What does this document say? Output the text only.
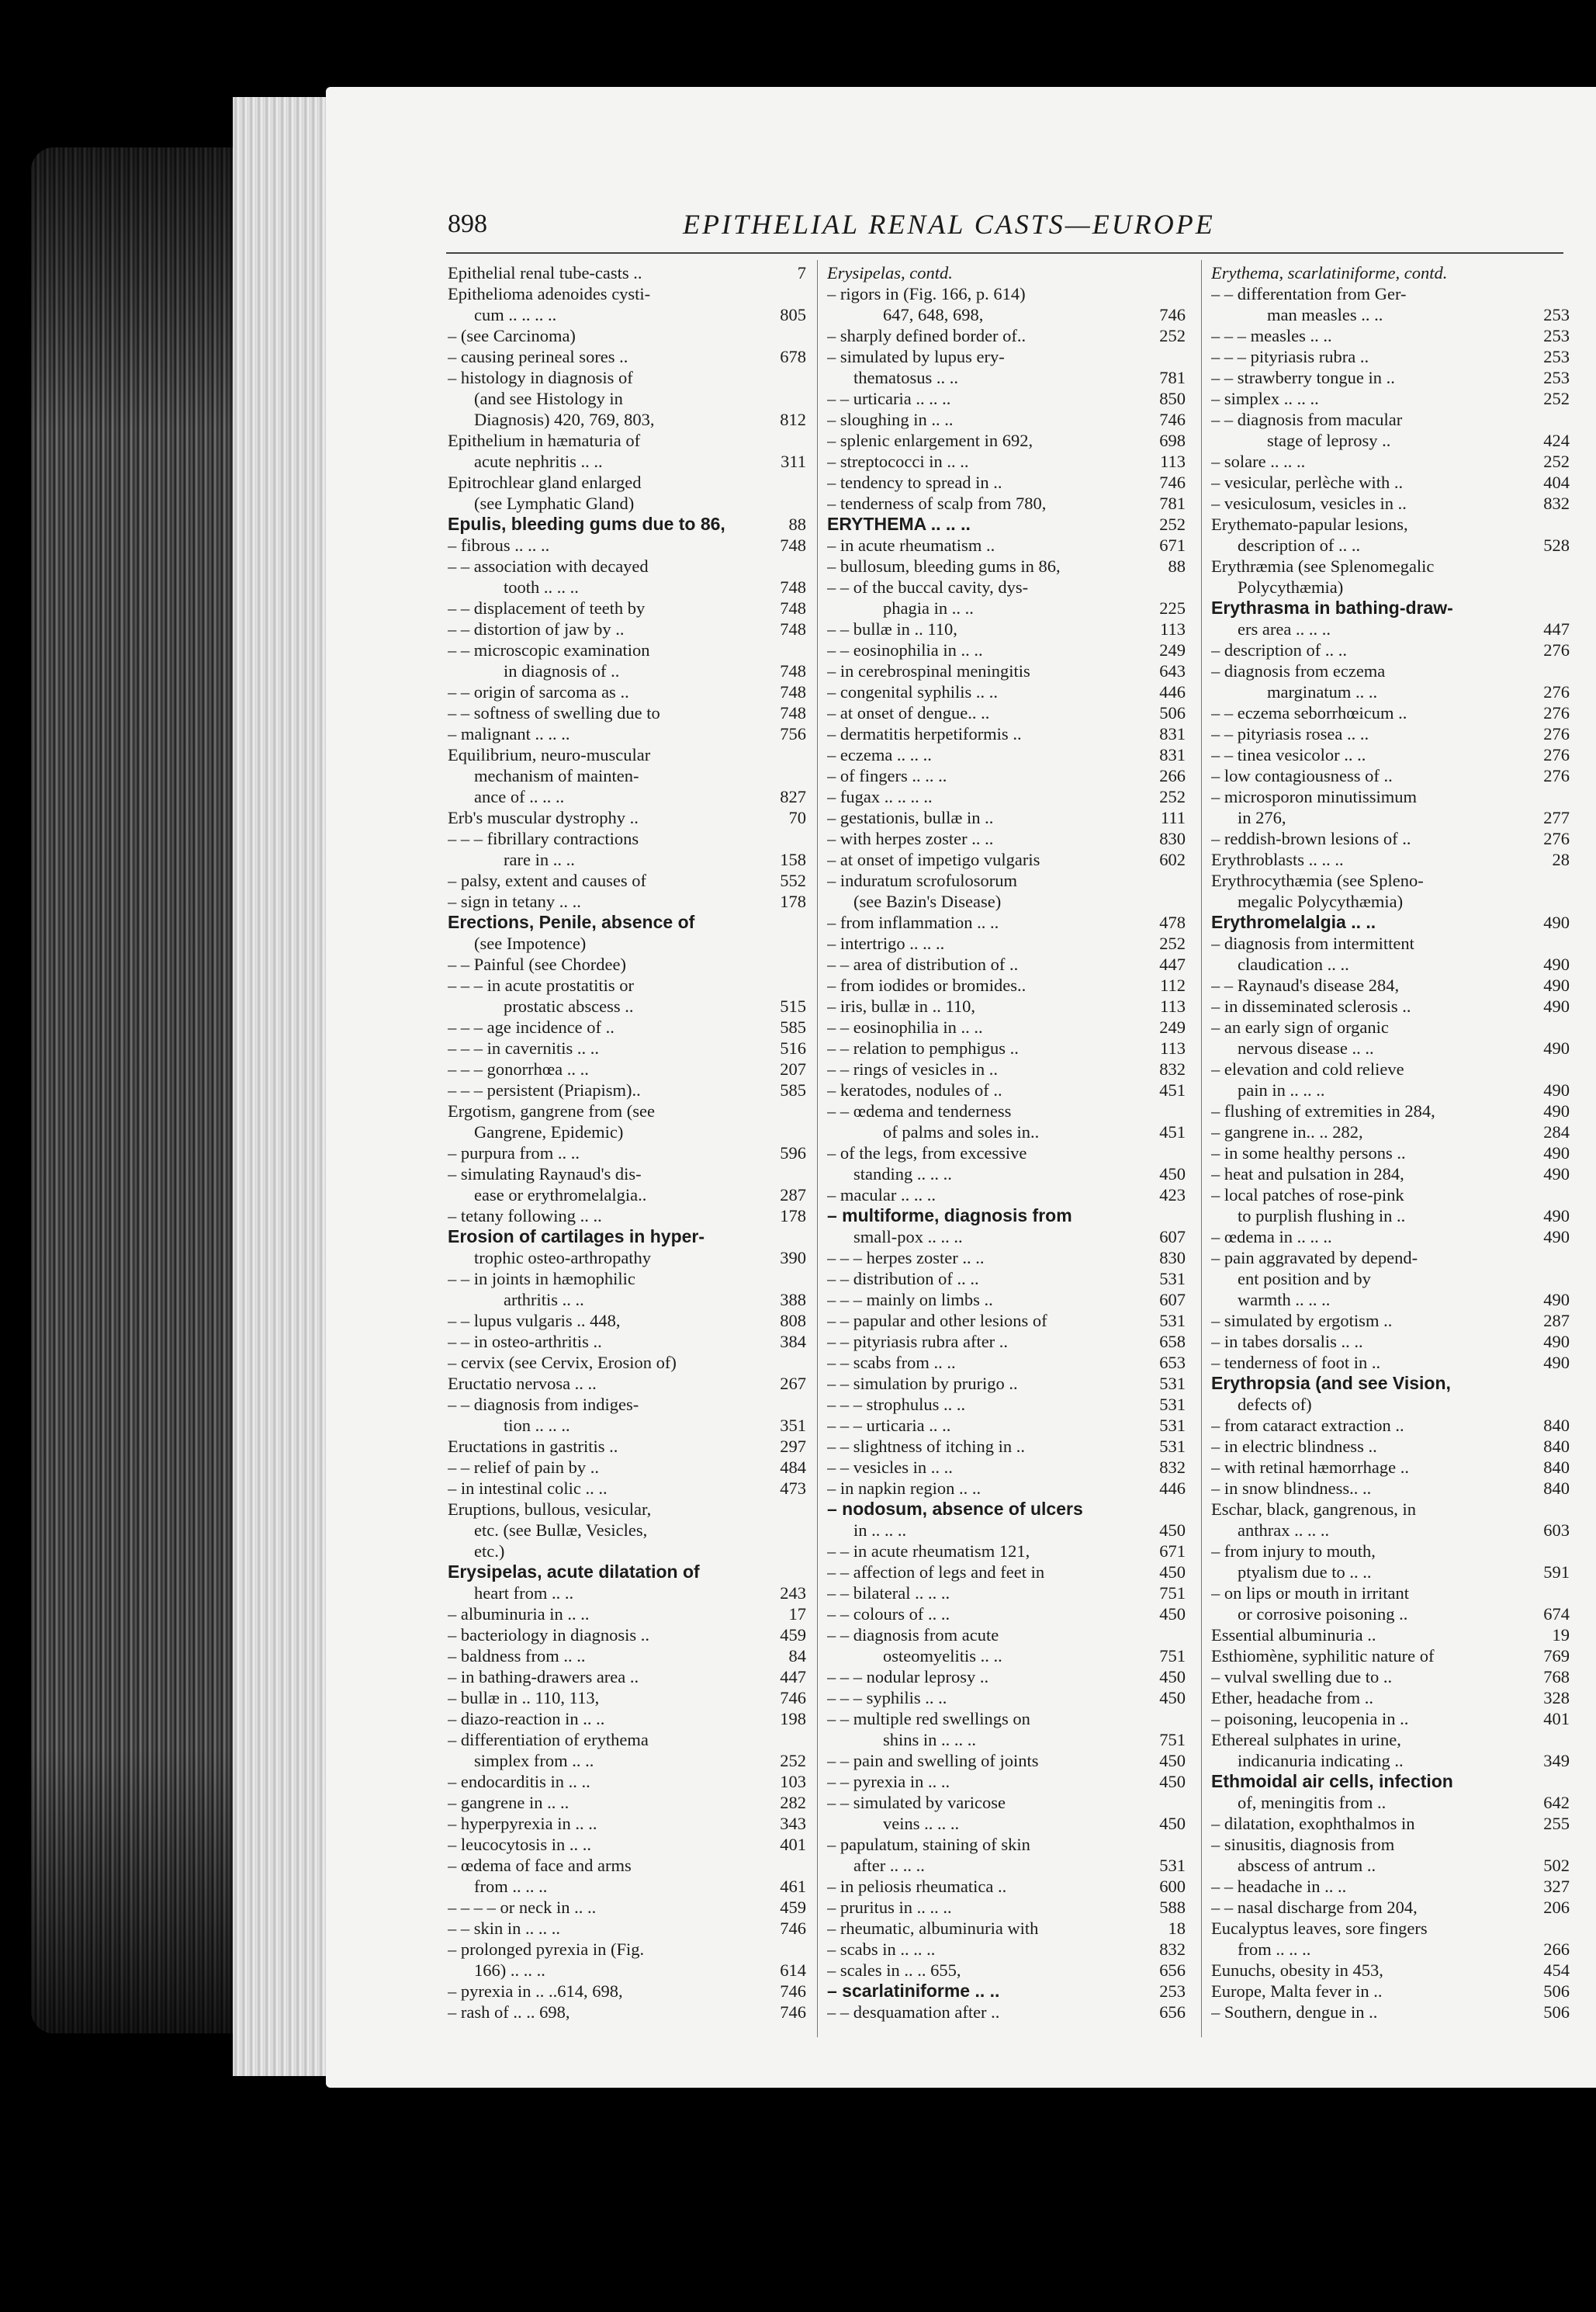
898	EPITHELIAL RENAL CASTS—EUROPE
Epithelial renal tube-casts ..	7
Epithelioma adenoides cysti-
cum .. .. .. ..	805
– (see Carcinoma)
– causing perineal sores ..	678
– histology in diagnosis of
(and see Histology in
Diagnosis) 420, 769, 803,	812
Epithelium in hæmaturia of
acute nephritis .. ..	311
Epitrochlear gland enlarged
(see Lymphatic Gland)
Epulis, bleeding gums due to 86,	88
– fibrous .. .. ..	748
– – association with decayed
tooth .. .. ..	748
– – displacement of teeth by	748
– – distortion of jaw by ..	748
– – microscopic examination
in diagnosis of ..	748
– – origin of sarcoma as ..	748
– – softness of swelling due to	748
– malignant .. .. ..	756
Equilibrium, neuro-muscular
mechanism of mainten-
ance of .. .. ..	827
Erb's muscular dystrophy ..	70
– – – fibrillary contractions
rare in .. ..	158
– palsy, extent and causes of	552
– sign in tetany .. ..	178
Erections, Penile, absence of
(see Impotence)
– – Painful (see Chordee)
– – – in acute prostatitis or
prostatic abscess ..	515
– – – age incidence of ..	585
– – – in cavernitis .. ..	516
– – – gonorrhœa .. ..	207
– – – persistent (Priapism)..	585
Ergotism, gangrene from (see
Gangrene, Epidemic)
– purpura from .. ..	596
– simulating Raynaud's dis-
ease or erythromelalgia..	287
– tetany following .. ..	178
Erosion of cartilages in hyper-
trophic osteo-arthropathy	390
– – in joints in hæmophilic
arthritis .. ..	388
– – lupus vulgaris .. 448,	808
– – in osteo-arthritis ..	384
– cervix (see Cervix, Erosion of)
Eructatio nervosa .. ..	267
– – diagnosis from indiges-
tion .. .. ..	351
Eructations in gastritis ..	297
– – relief of pain by ..	484
– in intestinal colic .. ..	473
Eruptions, bullous, vesicular,
etc. (see Bullæ, Vesicles,
etc.)
Erysipelas, acute dilatation of
heart from .. ..	243
– albuminuria in .. ..	17
– bacteriology in diagnosis ..	459
– baldness from .. ..	84
– in bathing-drawers area ..	447
– bullæ in .. 110, 113,	746
– diazo-reaction in .. ..	198
– differentiation of erythema
simplex from .. ..	252
– endocarditis in .. ..	103
– gangrene in .. ..	282
– hyperpyrexia in .. ..	343
– leucocytosis in .. ..	401
– œdema of face and arms
from .. .. ..	461
– – – – or neck in .. ..	459
– – skin in .. .. ..	746
– prolonged pyrexia in (Fig.
166) .. .. ..	614
– pyrexia in .. ..614, 698,	746
– rash of .. .. 698,	746
Erysipelas, contd.
– rigors in (Fig. 166, p. 614)
647, 648, 698,	746
– sharply defined border of..	252
– simulated by lupus ery-
thematosus .. ..	781
– – urticaria .. .. ..	850
– sloughing in .. ..	746
– splenic enlargement in 692,	698
– streptococci in .. ..	113
– tendency to spread in ..	746
– tenderness of scalp from 780,	781
ERYTHEMA .. .. ..	252
– in acute rheumatism ..	671
– bullosum, bleeding gums in 86,	88
– – of the buccal cavity, dys-
phagia in .. ..	225
– – bullæ in .. 110,	113
– – eosinophilia in .. ..	249
– in cerebrospinal meningitis	643
– congenital syphilis .. ..	446
– at onset of dengue.. ..	506
– dermatitis herpetiformis ..	831
– eczema .. .. ..	831
– of fingers .. .. ..	266
– fugax .. .. .. ..	252
– gestationis, bullæ in ..	111
– with herpes zoster .. ..	830
– at onset of impetigo vulgaris	602
– induratum scrofulosorum
(see Bazin's Disease)
– from inflammation .. ..	478
– intertrigo .. .. ..	252
– – area of distribution of ..	447
– from iodides or bromides..	112
– iris, bullæ in .. 110,	113
– – eosinophilia in .. ..	249
– – relation to pemphigus ..	113
– – rings of vesicles in ..	832
– keratodes, nodules of ..	451
– – œdema and tenderness
of palms and soles in..	451
– of the legs, from excessive
standing .. .. ..	450
– macular .. .. ..	423
– multiforme, diagnosis from
small-pox .. .. ..	607
– – – herpes zoster .. ..	830
– – distribution of .. ..	531
– – – mainly on limbs ..	607
– – papular and other lesions of	531
– – pityriasis rubra after ..	658
– – scabs from .. ..	653
– – simulation by prurigo ..	531
– – – strophulus .. ..	531
– – – urticaria .. ..	531
– – slightness of itching in ..	531
– – vesicles in .. ..	832
– in napkin region .. ..	446
– nodosum, absence of ulcers
in .. .. ..	450
– – in acute rheumatism 121,	671
– – affection of legs and feet in	450
– – bilateral .. .. ..	751
– – colours of .. ..	450
– – diagnosis from acute
osteomyelitis .. ..	751
– – – nodular leprosy ..	450
– – – syphilis .. ..	450
– – multiple red swellings on
shins in .. .. ..	751
– – pain and swelling of joints	450
– – pyrexia in .. ..	450
– – simulated by varicose
veins .. .. ..	450
– papulatum, staining of skin
after .. .. ..	531
– in peliosis rheumatica ..	600
– pruritus in .. .. ..	588
– rheumatic, albuminuria with	18
– scabs in .. .. ..	832
– scales in .. .. 655,	656
– scarlatiniforme .. ..	253
– – desquamation after ..	656
Erythema, scarlatiniforme, contd.
– – differentation from Ger-
man measles .. ..	253
– – – measles .. ..	253
– – – pityriasis rubra ..	253
– – strawberry tongue in ..	253
– simplex .. .. ..	252
– – diagnosis from macular
stage of leprosy ..	424
– solare .. .. ..	252
– vesicular, perlèche with ..	404
– vesiculosum, vesicles in ..	832
Erythemato-papular lesions,
description of .. ..	528
Erythræmia (see Splenomegalic
Polycythæmia)
Erythrasma in bathing-draw-
ers area .. .. ..	447
– description of .. ..	276
– diagnosis from eczema
marginatum .. ..	276
– – eczema seborrhœicum ..	276
– – pityriasis rosea .. ..	276
– – tinea vesicolor .. ..	276
– low contagiousness of ..	276
– microsporon minutissimum
in 276,	277
– reddish-brown lesions of ..	276
Erythroblasts .. .. ..	28
Erythrocythæmia (see Spleno-
megalic Polycythæmia)
Erythromelalgia .. ..	490
– diagnosis from intermittent
claudication .. ..	490
– – Raynaud's disease 284,	490
– in disseminated sclerosis ..	490
– an early sign of organic
nervous disease .. ..	490
– elevation and cold relieve
pain in .. .. ..	490
– flushing of extremities in 284,	490
– gangrene in.. .. 282,	284
– in some healthy persons ..	490
– heat and pulsation in 284,	490
– local patches of rose-pink
to purplish flushing in ..	490
– œdema in .. .. ..	490
– pain aggravated by depend-
ent position and by
warmth .. .. ..	490
– simulated by ergotism ..	287
– in tabes dorsalis .. ..	490
– tenderness of foot in ..	490
Erythropsia (and see Vision,
defects of)
– from cataract extraction ..	840
– in electric blindness ..	840
– with retinal hæmorrhage ..	840
– in snow blindness.. ..	840
Eschar, black, gangrenous, in
anthrax .. .. ..	603
– from injury to mouth,
ptyalism due to .. ..	591
– on lips or mouth in irritant
or corrosive poisoning ..	674
Essential albuminuria ..	19
Esthiomène, syphilitic nature of	769
– vulval swelling due to ..	768
Ether, headache from ..	328
– poisoning, leucopenia in ..	401
Ethereal sulphates in urine,
indicanuria indicating ..	349
Ethmoidal air cells, infection
of, meningitis from ..	642
– dilatation, exophthalmos in	255
– sinusitis, diagnosis from
abscess of antrum ..	502
– – headache in .. ..	327
– – nasal discharge from 204,	206
Eucalyptus leaves, sore fingers
from .. .. ..	266
Eunuchs, obesity in 453,	454
Europe, Malta fever in ..	506
– Southern, dengue in ..	506
